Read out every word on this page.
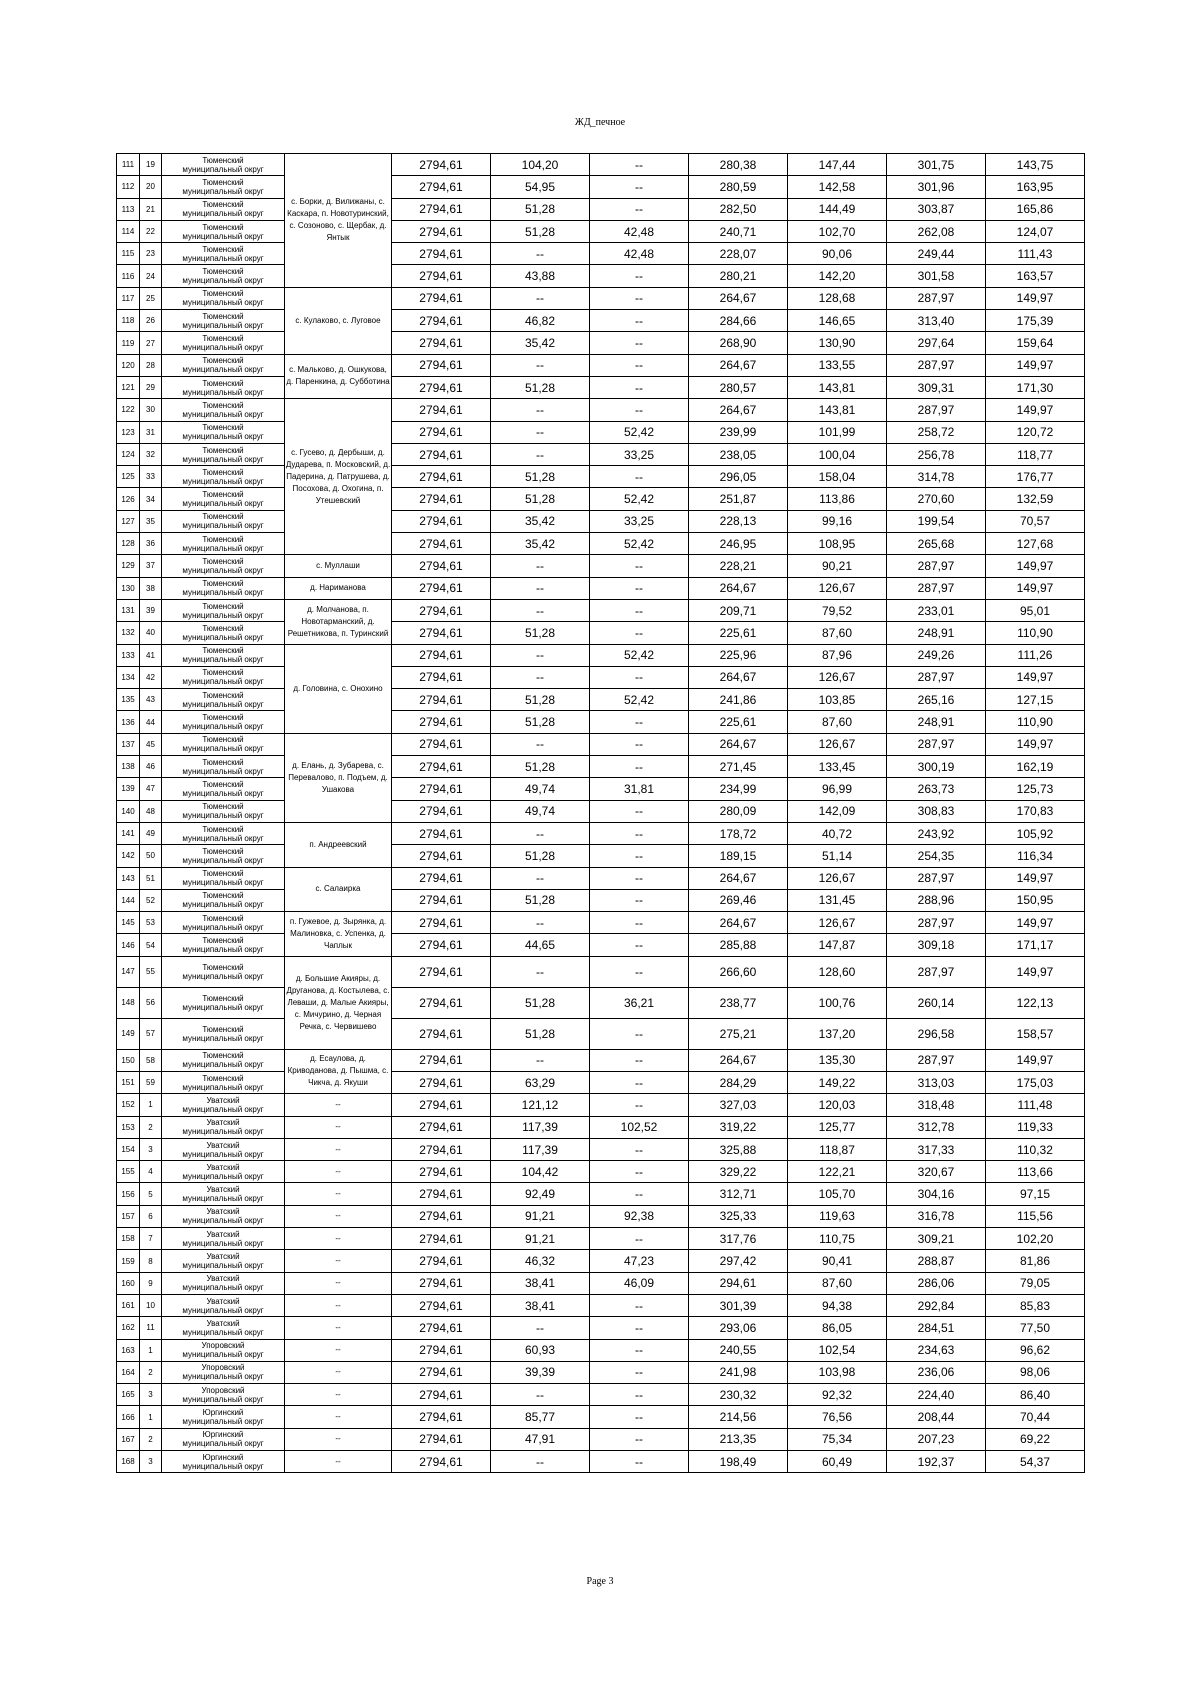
ЖД_печное
111	19	Тюменский
муниципальный округ	с. Борки, д. Вилижаны, с. Каскара, п. Новотуринский, с. Созоново, с. Щербак, д. Янтык	2794,61	104,20	--	280,38	147,44	301,75	143,75
112	20	Тюменский
муниципальный округ		2794,61	54,95	--	280,59	142,58	301,96	163,95
113	21	Тюменский
муниципальный округ		2794,61	51,28	--	282,50	144,49	303,87	165,86
114	22	Тюменский
муниципальный округ		2794,61	51,28	42,48	240,71	102,70	262,08	124,07
115	23	Тюменский
муниципальный округ		2794,61	--	42,48	228,07	90,06	249,44	111,43
116	24	Тюменский
муниципальный округ		2794,61	43,88	--	280,21	142,20	301,58	163,57
117	25	Тюменский
муниципальный округ	с. Кулаково, с. Луговое	2794,61	--	--	264,67	128,68	287,97	149,97
118	26	Тюменский
муниципальный округ		2794,61	46,82	--	284,66	146,65	313,40	175,39
119	27	Тюменский
муниципальный округ		2794,61	35,42	--	268,90	130,90	297,64	159,64
120	28	Тюменский
муниципальный округ	с. Мальково, д. Ошкукова, д. Паренкина, д. Субботина	2794,61	--	--	264,67	133,55	287,97	149,97
121	29	Тюменский
муниципальный округ		2794,61	51,28	--	280,57	143,81	309,31	171,30
122	30	Тюменский
муниципальный округ	с. Гусево, д. Дербыши, д. Дударева, п. Московский, д. Падерина, д. Патрушева, д. Посохова, д. Охогина, п. Утешевский	2794,61	--	--	264,67	143,81	287,97	149,97
123	31	Тюменский
муниципальный округ		2794,61	--	52,42	239,99	101,99	258,72	120,72
124	32	Тюменский
муниципальный округ		2794,61	--	33,25	238,05	100,04	256,78	118,77
125	33	Тюменский
муниципальный округ		2794,61	51,28	--	296,05	158,04	314,78	176,77
126	34	Тюменский
муниципальный округ		2794,61	51,28	52,42	251,87	113,86	270,60	132,59
127	35	Тюменский
муниципальный округ		2794,61	35,42	33,25	228,13	99,16	199,54	70,57
128	36	Тюменский
муниципальный округ		2794,61	35,42	52,42	246,95	108,95	265,68	127,68
129	37	Тюменский
муниципальный округ	с. Муллаши	2794,61	--	--	228,21	90,21	287,97	149,97
130	38	Тюменский
муниципальный округ	д. Нариманова	2794,61	--	--	264,67	126,67	287,97	149,97
131	39	Тюменский
муниципальный округ	д. Молчанова, п. Новотарманский, д. Решетникова, п. Туринский	2794,61	--	--	209,71	79,52	233,01	95,01
132	40	Тюменский
муниципальный округ		2794,61	51,28	--	225,61	87,60	248,91	110,90
133	41	Тюменский
муниципальный округ	д. Головина, с. Онохино	2794,61	--	52,42	225,96	87,96	249,26	111,26
134	42	Тюменский
муниципальный округ		2794,61	--	--	264,67	126,67	287,97	149,97
135	43	Тюменский
муниципальный округ		2794,61	51,28	52,42	241,86	103,85	265,16	127,15
136	44	Тюменский
муниципальный округ		2794,61	51,28	--	225,61	87,60	248,91	110,90
137	45	Тюменский
муниципальный округ	д. Елань, д. Зубарева, с. Перевалово, п. Подъем, д. Ушакова	2794,61	--	--	264,67	126,67	287,97	149,97
138	46	Тюменский
муниципальный округ		2794,61	51,28	--	271,45	133,45	300,19	162,19
139	47	Тюменский
муниципальный округ		2794,61	49,74	31,81	234,99	96,99	263,73	125,73
140	48	Тюменский
муниципальный округ		2794,61	49,74	--	280,09	142,09	308,83	170,83
141	49	Тюменский
муниципальный округ	п. Андреевский	2794,61	--	--	178,72	40,72	243,92	105,92
142	50	Тюменский
муниципальный округ		2794,61	51,28	--	189,15	51,14	254,35	116,34
143	51	Тюменский
муниципальный округ	с. Салаирка	2794,61	--	--	264,67	126,67	287,97	149,97
144	52	Тюменский
муниципальный округ		2794,61	51,28	--	269,46	131,45	288,96	150,95
145	53	Тюменский
муниципальный округ	п. Гужевое, д. Зырянка, д. Малиновка, с. Успенка, д. Чаплык	2794,61	--	--	264,67	126,67	287,97	149,97
146	54	Тюменский
муниципальный округ		2794,61	44,65	--	285,88	147,87	309,18	171,17
147	55	Тюменский
муниципальный округ	д. Большие Акияры, д. Друганова, д. Костылева, с. Леваши, д. Малые Акияры, с. Мичурино, д. Черная Речка, с. Червишево	2794,61	--	--	266,60	128,60	287,97	149,97
148	56	Тюменский
муниципальный округ		2794,61	51,28	36,21	238,77	100,76	260,14	122,13
149	57	Тюменский
муниципальный округ		2794,61	51,28	--	275,21	137,20	296,58	158,57
150	58	Тюменский
муниципальный округ	д. Есаулова, д. Криводанова, д. Пышма, с. Чикча, д. Якуши	2794,61	--	--	264,67	135,30	287,97	149,97
151	59	Тюменский
муниципальный округ		2794,61	63,29	--	284,29	149,22	313,03	175,03
152	1	Уватский
муниципальный округ	--	2794,61	121,12	--	327,03	120,03	318,48	111,48
153	2	Уватский
муниципальный округ	--	2794,61	117,39	102,52	319,22	125,77	312,78	119,33
154	3	Уватский
муниципальный округ	--	2794,61	117,39	--	325,88	118,87	317,33	110,32
155	4	Уватский
муниципальный округ	--	2794,61	104,42	--	329,22	122,21	320,67	113,66
156	5	Уватский
муниципальный округ	--	2794,61	92,49	--	312,71	105,70	304,16	97,15
157	6	Уватский
муниципальный округ	--	2794,61	91,21	92,38	325,33	119,63	316,78	115,56
158	7	Уватский
муниципальный округ	--	2794,61	91,21	--	317,76	110,75	309,21	102,20
159	8	Уватский
муниципальный округ	--	2794,61	46,32	47,23	297,42	90,41	288,87	81,86
160	9	Уватский
муниципальный округ	--	2794,61	38,41	46,09	294,61	87,60	286,06	79,05
161	10	Уватский
муниципальный округ	--	2794,61	38,41	--	301,39	94,38	292,84	85,83
162	11	Уватский
муниципальный округ	--	2794,61	--	--	293,06	86,05	284,51	77,50
163	1	Упоровский
муниципальный округ	--	2794,61	60,93	--	240,55	102,54	234,63	96,62
164	2	Упоровский
муниципальный округ	--	2794,61	39,39	--	241,98	103,98	236,06	98,06
165	3	Упоровский
муниципальный округ	--	2794,61	--	--	230,32	92,32	224,40	86,40
166	1	Юргинский
муниципальный округ	--	2794,61	85,77	--	214,56	76,56	208,44	70,44
167	2	Юргинский
муниципальный округ	--	2794,61	47,91	--	213,35	75,34	207,23	69,22
168	3	Юргинский
муниципальный округ	--	2794,61	--	--	198,49	60,49	192,37	54,37
Page 3
